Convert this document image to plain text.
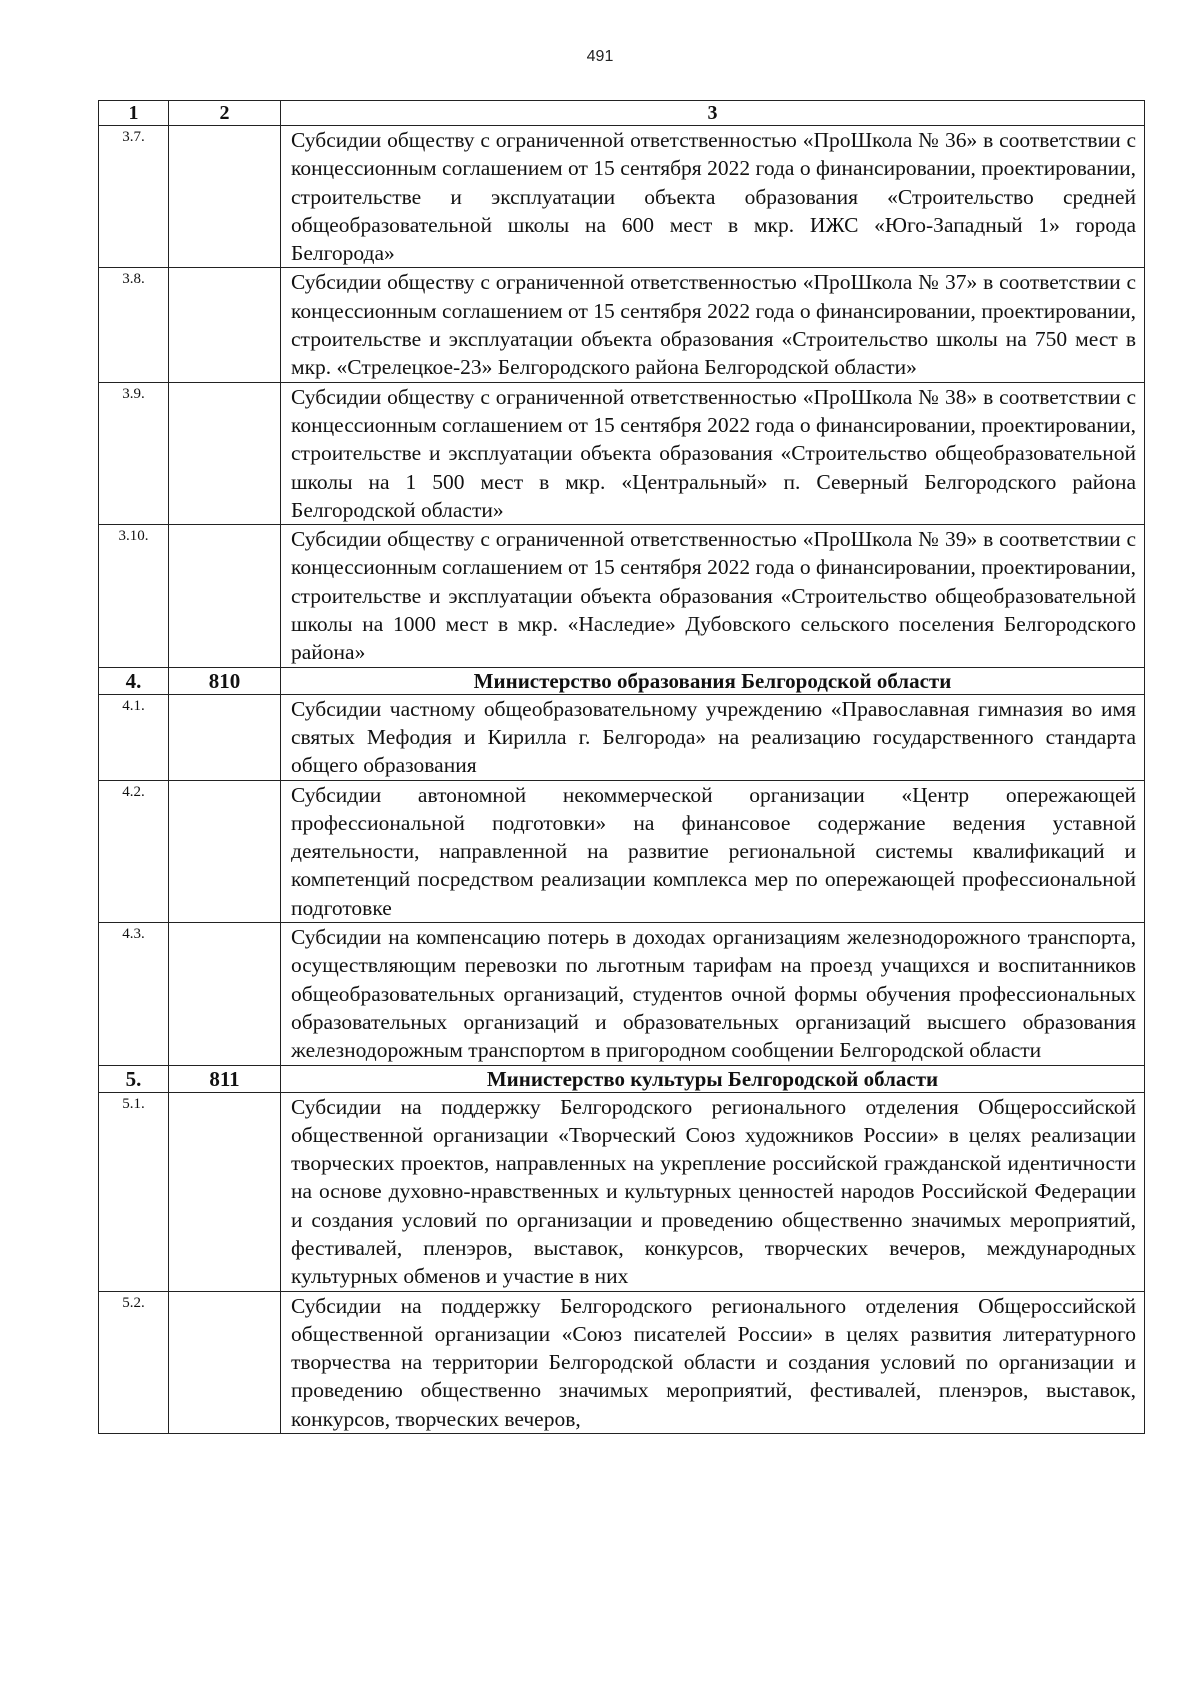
491
1	2	3
3.7.		Субсидии обществу с ограниченной ответственностью «ПроШкола № 36» в соответствии с концессионным соглашением от 15 сентября 2022 года о финансировании, проектировании, строительстве и эксплуатации объекта образования «Строительство средней общеобразовательной школы на 600 мест в мкр. ИЖС «Юго-Западный 1» города Белгорода»
3.8.		Субсидии обществу с ограниченной ответственностью «ПроШкола № 37» в соответствии с концессионным соглашением от 15 сентября 2022 года о финансировании, проектировании, строительстве и эксплуатации объекта образования «Строительство школы на 750 мест в мкр. «Стрелецкое-23» Белгородского района Белгородской области»
3.9.		Субсидии обществу с ограниченной ответственностью «ПроШкола № 38» в соответствии с концессионным соглашением от 15 сентября 2022 года о финансировании, проектировании, строительстве и эксплуатации объекта образования «Строительство общеобразовательной школы на 1 500 мест в мкр. «Центральный» п. Северный Белгородского района Белгородской области»
3.10.		Субсидии обществу с ограниченной ответственностью «ПроШкола № 39» в соответствии с концессионным соглашением от 15 сентября 2022 года о финансировании, проектировании, строительстве и эксплуатации объекта образования «Строительство общеобразовательной школы на 1000 мест в мкр. «Наследие» Дубовского сельского поселения Белгородского района»
4.	810	Министерство образования Белгородской области
4.1.		Субсидии частному общеобразовательному учреждению «Православная гимназия во имя святых Мефодия и Кирилла г. Белгорода» на реализацию государственного стандарта общего образования
4.2.		Субсидии автономной некоммерческой организации «Центр опережающей профессиональной подготовки» на финансовое содержание ведения уставной деятельности, направленной на развитие региональной системы квалификаций и компетенций посредством реализации комплекса мер по опережающей профессиональной подготовке
4.3.		Субсидии на компенсацию потерь в доходах организациям железнодорожного транспорта, осуществляющим перевозки по льготным тарифам на проезд учащихся и воспитанников общеобразовательных организаций, студентов очной формы обучения профессиональных образовательных организаций и образовательных организаций высшего образования железнодорожным транспортом в пригородном сообщении Белгородской области
5.	811	Министерство культуры Белгородской области
5.1.		Субсидии на поддержку Белгородского регионального отделения Общероссийской общественной организации «Творческий Союз художников России» в целях реализации творческих проектов, направленных на укрепление российской гражданской идентичности на основе духовно-нравственных и культурных ценностей народов Российской Федерации и создания условий по организации и проведению общественно значимых мероприятий, фестивалей, пленэров, выставок, конкурсов, творческих вечеров, международных культурных обменов и участие в них
5.2.		Субсидии на поддержку Белгородского регионального отделения Общероссийской общественной организации «Союз писателей России» в целях развития литературного творчества на территории Белгородской области и создания условий по организации и проведению общественно значимых мероприятий, фестивалей, пленэров, выставок, конкурсов, творческих вечеров,
